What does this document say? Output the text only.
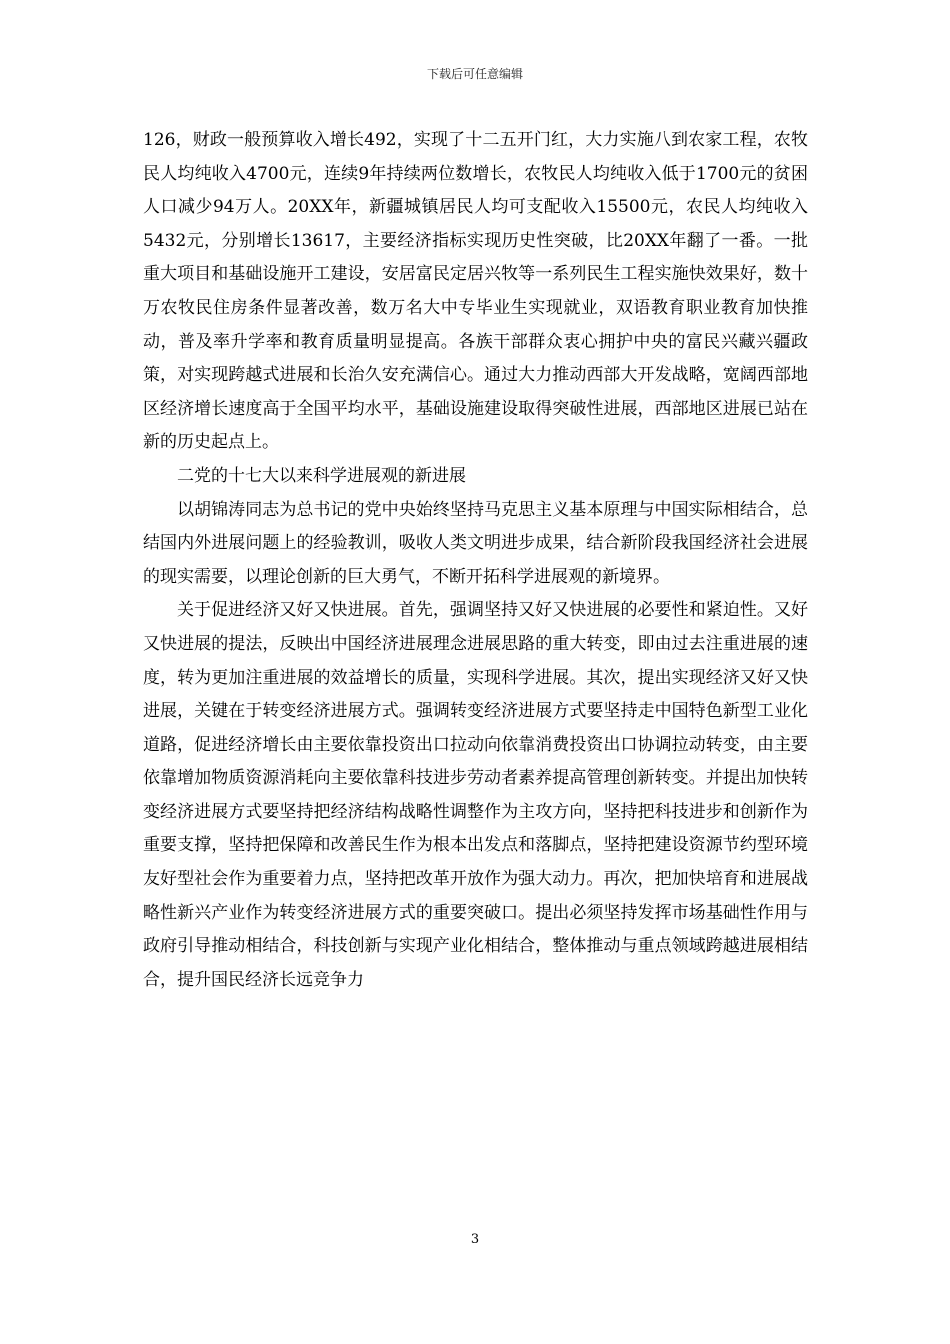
下载后可任意编辑

126，财政一般预算收入增长492，实现了十二五开门红，大力实施八到农家工程，农牧民人均纯收入4700元，连续9年持续两位数增长，农牧民人均纯收入低于1700元的贫困人口减少94万人。20XX年，新疆城镇居民人均可支配收入15500元，农民人均纯收入5432元，分别增长13617，主要经济指标实现历史性突破，比20XX年翻了一番。一批重大项目和基础设施开工建设，安居富民定居兴牧等一系列民生工程实施快效果好，数十万农牧民住房条件显著改善，数万名大中专毕业生实现就业，双语教育职业教育加快推动，普及率升学率和教育质量明显提高。各族干部群众衷心拥护中央的富民兴藏兴疆政策，对实现跨越式进展和长治久安充满信心。通过大力推动西部大开发战略，宽阔西部地区经济增长速度高于全国平均水平，基础设施建设取得突破性进展，西部地区进展已站在新的历史起点上。

二党的十七大以来科学进展观的新进展

以胡锦涛同志为总书记的党中央始终坚持马克思主义基本原理与中国实际相结合，总结国内外进展问题上的经验教训，吸收人类文明进步成果，结合新阶段我国经济社会进展的现实需要，以理论创新的巨大勇气，不断开拓科学进展观的新境界。

关于促进经济又好又快进展。首先，强调坚持又好又快进展的必要性和紧迫性。又好又快进展的提法，反映出中国经济进展理念进展思路的重大转变，即由过去注重进展的速度，转为更加注重进展的效益增长的质量，实现科学进展。其次，提出实现经济又好又快进展，关键在于转变经济进展方式。强调转变经济进展方式要坚持走中国特色新型工业化道路，促进经济增长由主要依靠投资出口拉动向依靠消费投资出口协调拉动转变，由主要依靠增加物质资源消耗向主要依靠科技进步劳动者素养提高管理创新转变。并提出加快转变经济进展方式要坚持把经济结构战略性调整作为主攻方向，坚持把科技进步和创新作为重要支撑，坚持把保障和改善民生作为根本出发点和落脚点，坚持把建设资源节约型环境友好型社会作为重要着力点，坚持把改革开放作为强大动力。再次，把加快培育和进展战略性新兴产业作为转变经济进展方式的重要突破口。提出必须坚持发挥市场基础性作用与政府引导推动相结合，科技创新与实现产业化相结合，整体推动与重点领域跨越进展相结合，提升国民经济长远竞争力

3
